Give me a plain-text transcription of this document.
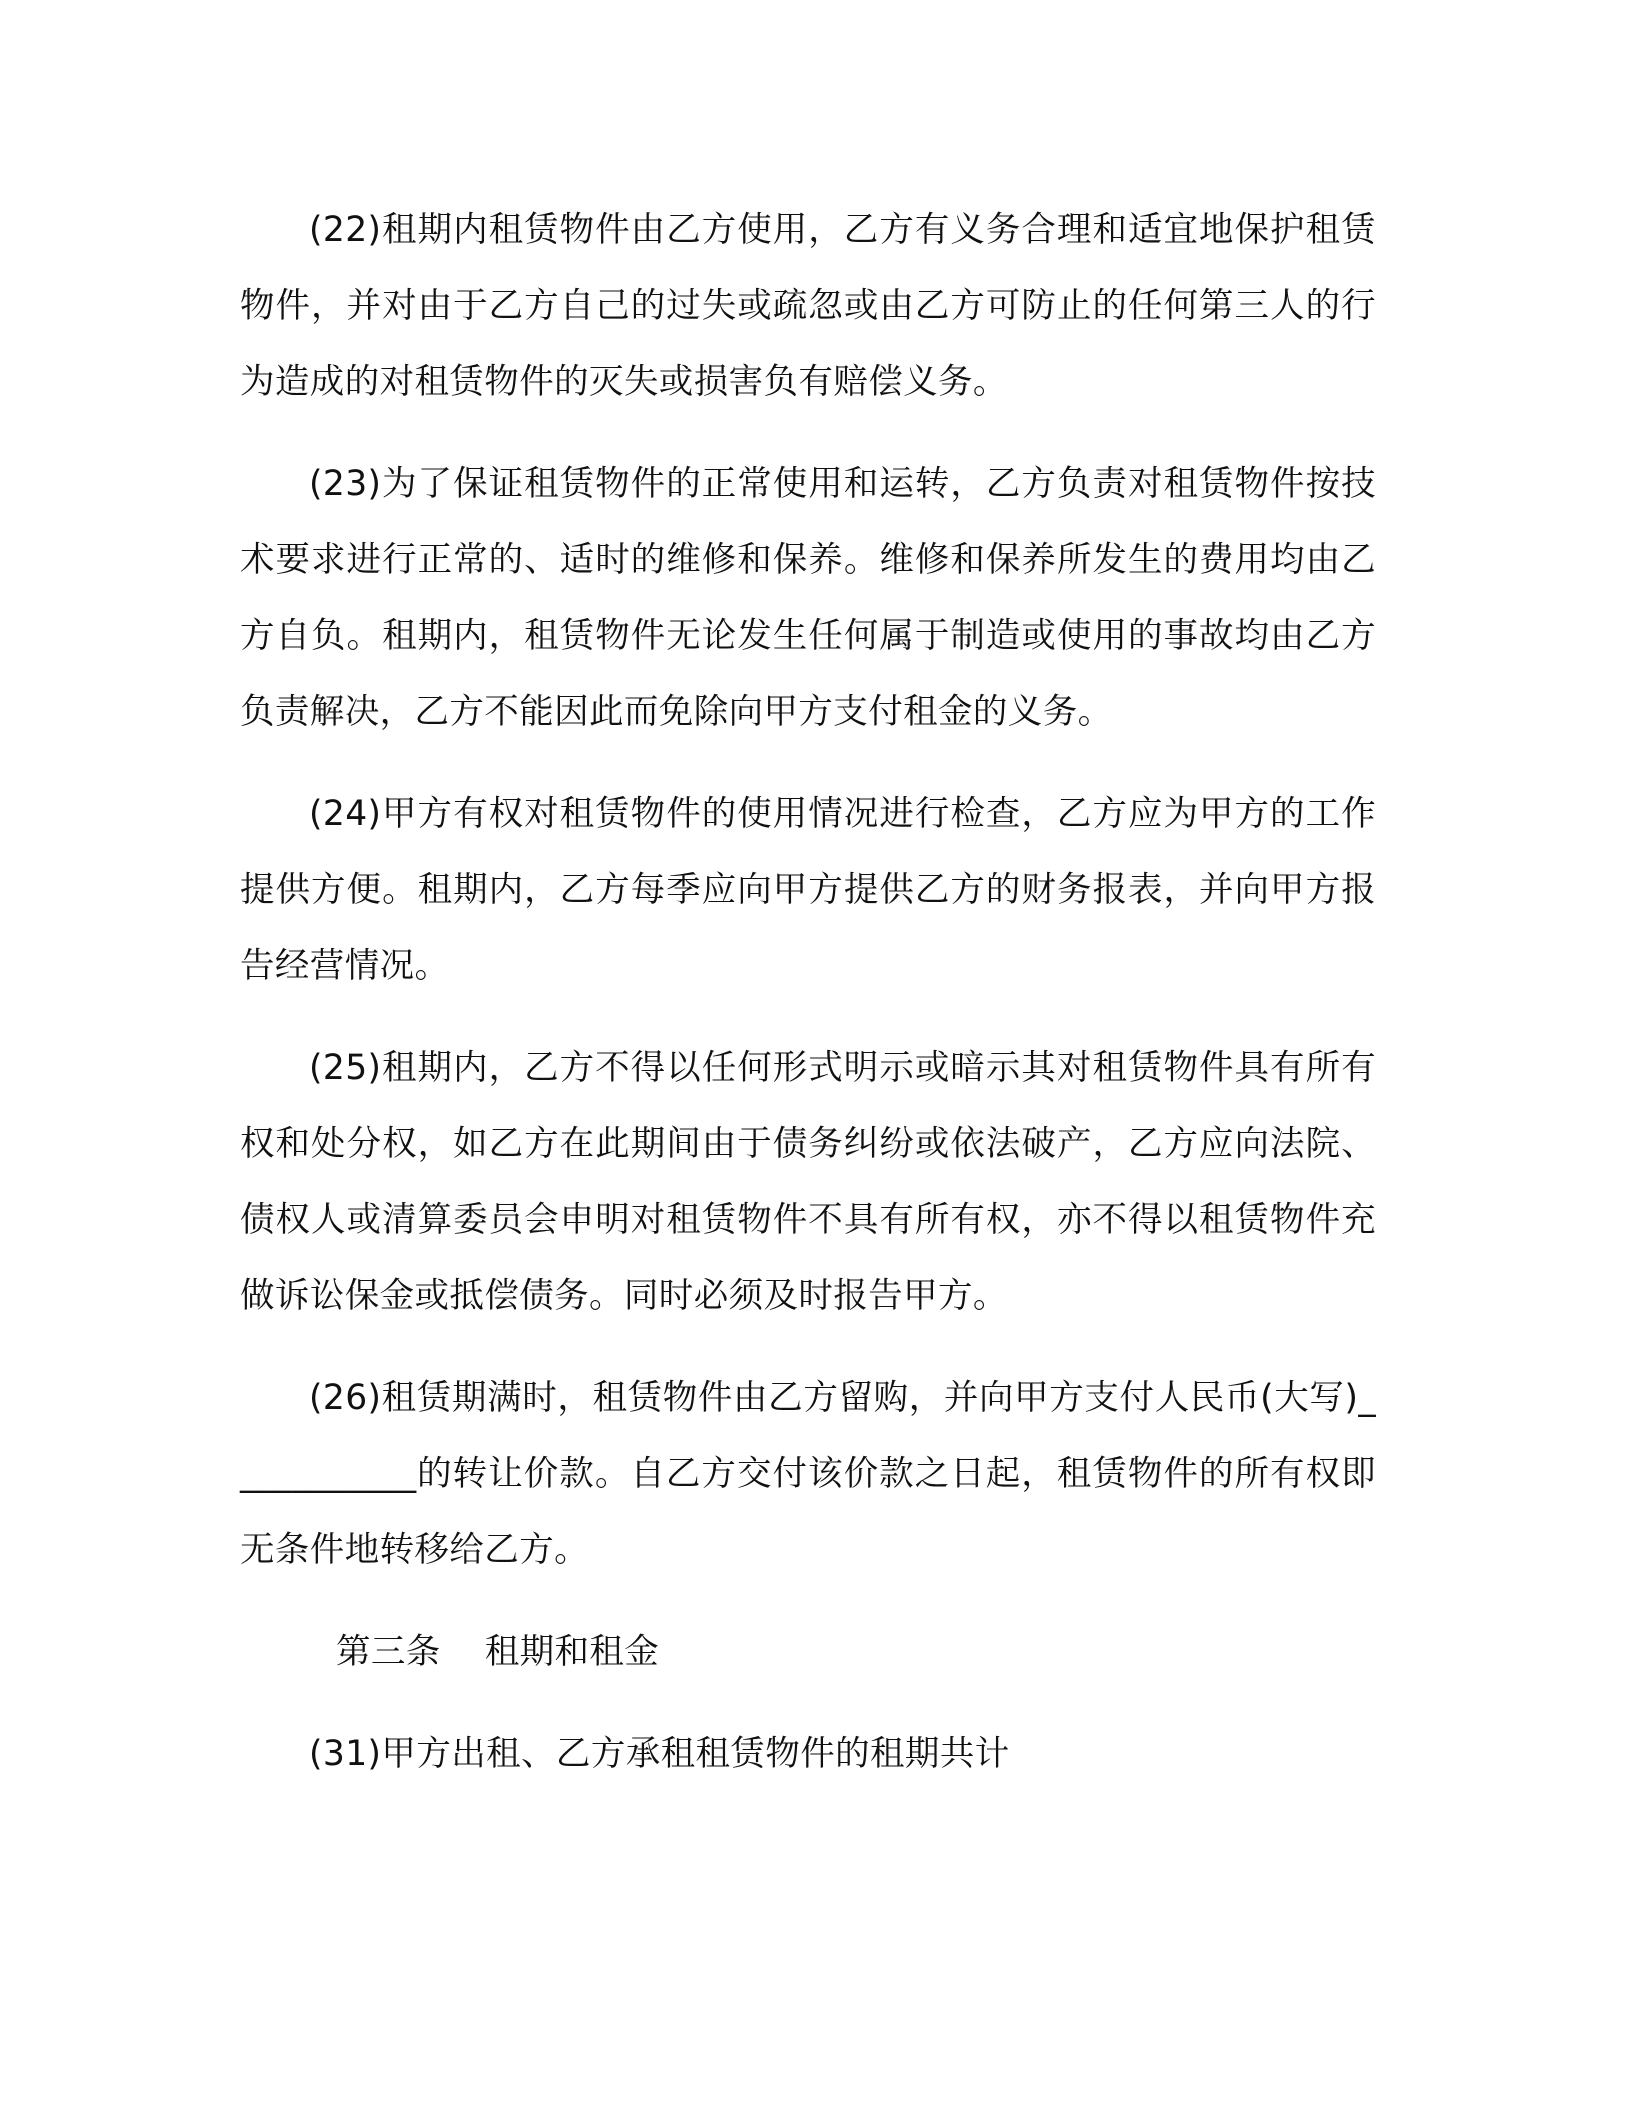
(22)租期内租赁物件由乙方使用，乙方有义务合理和适宜地保护租赁物件，并对由于乙方自己的过失或疏忽或由乙方可防止的任何第三人的行为造成的对租赁物件的灭失或损害负有赔偿义务。

(23)为了保证租赁物件的正常使用和运转，乙方负责对租赁物件按技术要求进行正常的、适时的维修和保养。维修和保养所发生的费用均由乙方自负。租期内，租赁物件无论发生任何属于制造或使用的事故均由乙方负责解决，乙方不能因此而免除向甲方支付租金的义务。

(24)甲方有权对租赁物件的使用情况进行检查，乙方应为甲方的工作提供方便。租期内，乙方每季应向甲方提供乙方的财务报表，并向甲方报告经营情况。

(25)租期内，乙方不得以任何形式明示或暗示其对租赁物件具有所有权和处分权，如乙方在此期间由于债务纠纷或依法破产，乙方应向法院、债权人或清算委员会申明对租赁物件不具有所有权，亦不得以租赁物件充做诉讼保金或抵偿债务。同时必须及时报告甲方。

(26)租赁期满时，租赁物件由乙方留购，并向甲方支付人民币(大写)___________的转让价款。自乙方交付该价款之日起，租赁物件的所有权即无条件地转移给乙方。

第三条 租期和租金

(31)甲方出租、乙方承租租赁物件的租期共计
